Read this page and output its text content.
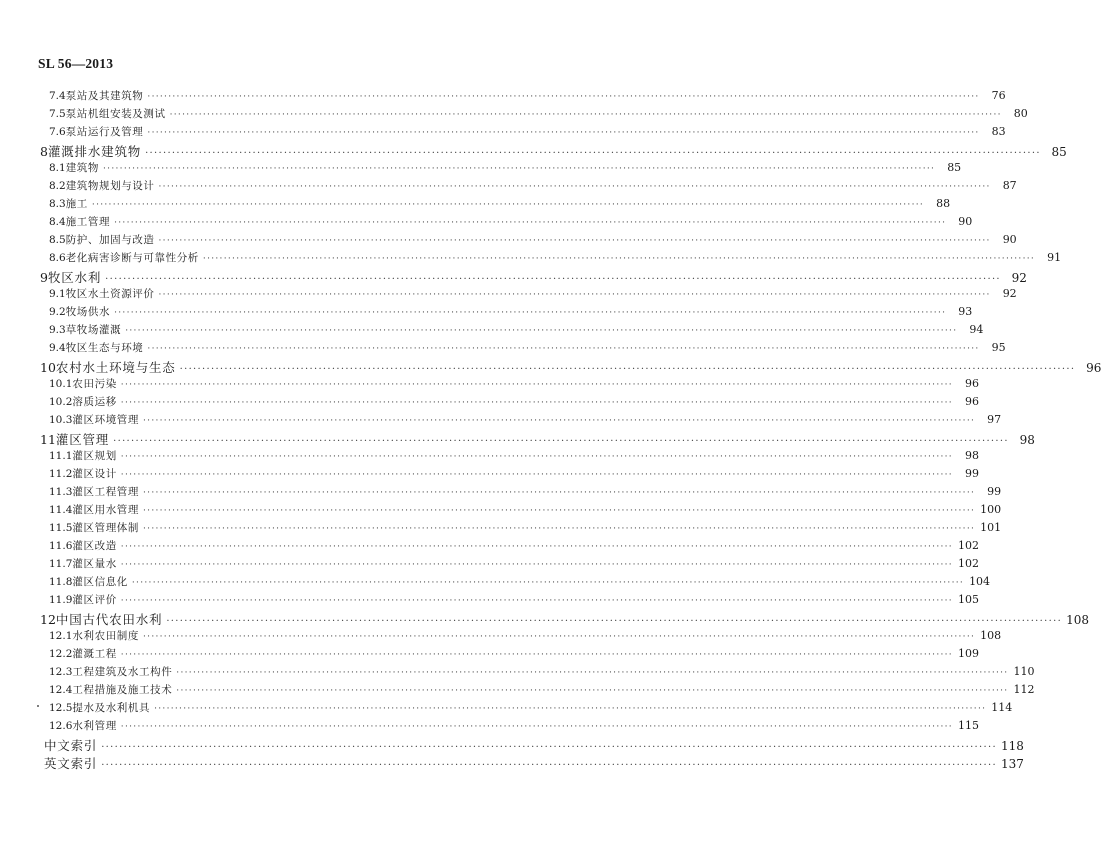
SL 56—2013
7.4 泵站及其建筑物 ········································································································································································································	76
7.5 泵站机组安装及测试 ········································································································································································································	80
7.6 泵站运行及管理 ········································································································································································································	83
8 灌溉排水建筑物 ········································································································································································································ 85
8.1 建筑物 ········································································································································································································	85
8.2 建筑物规划与设计 ········································································································································································································	87
8.3 施工 ········································································································································································································	88
8.4 施工管理 ········································································································································································································	90
8.5 防护、加固与改造 ········································································································································································································	90
8.6 老化病害诊断与可靠性分析 ········································································································································································································	91
9 牧区水利 ········································································································································································································ 92
9.1 牧区水土资源评价 ········································································································································································································	92
9.2 牧场供水 ········································································································································································································	93
9.3 草牧场灌溉 ········································································································································································································	94
9.4 牧区生态与环境 ········································································································································································································	95
10 农村水土环境与生态 ········································································································································································································ 96
10.1 农田污染 ········································································································································································································	96
10.2 溶质运移 ········································································································································································································	96
10.3 灌区环境管理 ········································································································································································································	97
11 灌区管理 ········································································································································································································ 98
11.1 灌区规划 ········································································································································································································	98
11.2 灌区设计 ········································································································································································································	99
11.3 灌区工程管理 ········································································································································································································	99
11.4 灌区用水管理 ········································································································································································································ 100
11.5 灌区管理体制 ········································································································································································································ 101
11.6 灌区改造 ········································································································································································································ 102
11.7 灌区量水 ········································································································································································································ 102
11.8 灌区信息化 ········································································································································································································ 104
11.9 灌区评价 ········································································································································································································ 105
12 中国古代农田水利 ········································································································································································································ 108
12.1 水利农田制度 ········································································································································································································ 108
12.2 灌溉工程 ········································································································································································································ 109
12.3 工程建筑及水工构件 ········································································································································································································ 110
12.4 工程措施及施工技术 ········································································································································································································ 112
12.5 提水及水利机具 ········································································································································································································ 114
12.6 水利管理 ········································································································································································································ 115
中文索引 ········································································································································································································ 118
英文索引 ········································································································································································································ 137
